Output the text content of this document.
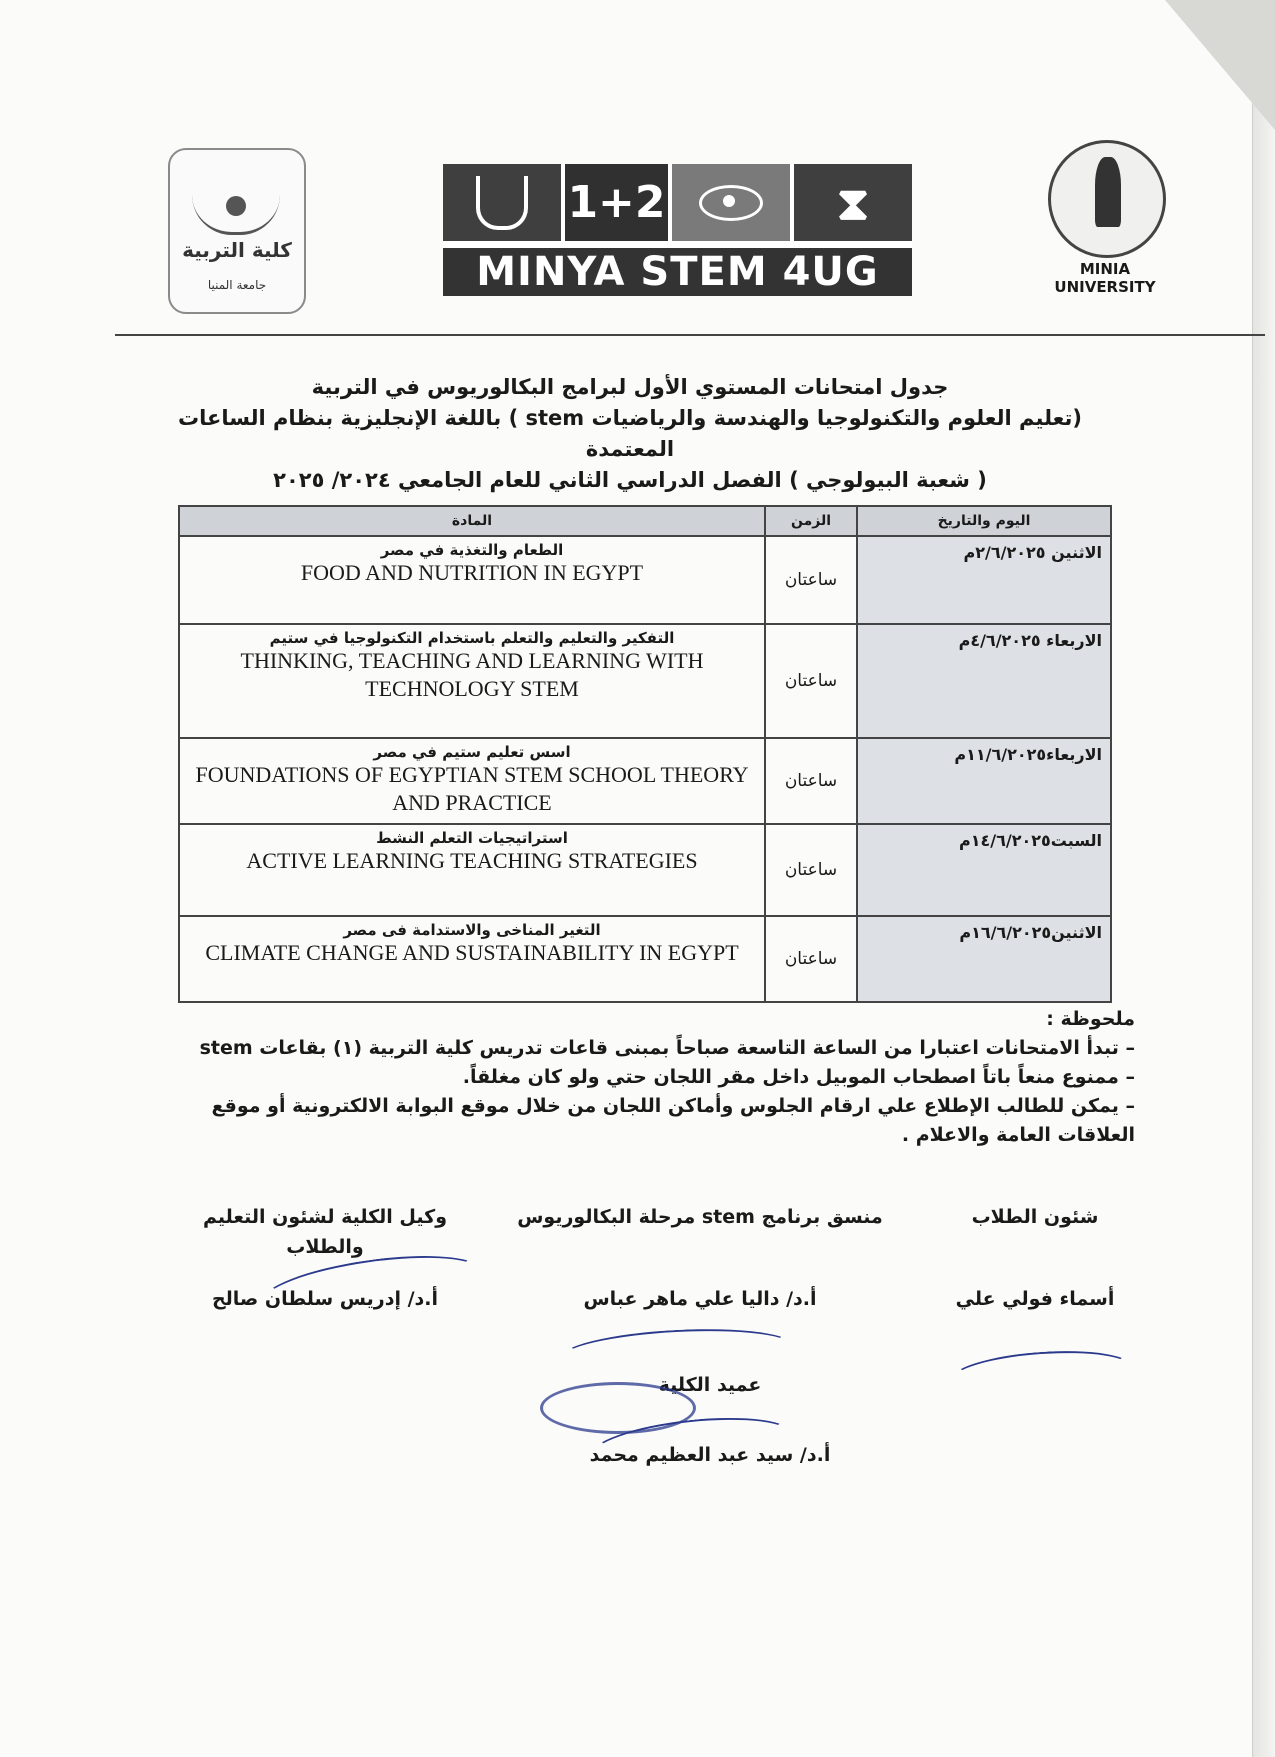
كلية التربية
جامعة المنيا
1+2	⧗
MINYA STEM 4UG	MINIA UNIVERSITY
جدول امتحانات المستوي الأول لبرامج البكالوريوس في التربية
(تعليم العلوم والتكنولوجيا والهندسة والرياضيات stem ) باللغة الإنجليزية بنظام الساعات المعتمدة
( شعبة البيولوجي ) الفصل الدراسي الثاني للعام الجامعي ٢٠٢٤/ ٢٠٢٥
اليوم والتاريخ	الزمن	المادة
الاثنين ٢/٦/٢٠٢٥م	ساعتان	الطعام والتغذية في مصر
FOOD AND NUTRITION IN EGYPT

الاربعاء ٤/٦/٢٠٢٥م	ساعتان	التفكير والتعليم والتعلم باستخدام التكنولوجيا في ستيم
THINKING, TEACHING AND LEARNING WITH TECHNOLOGY STEM

الاربعاء١١/٦/٢٠٢٥م	ساعتان	اسس تعليم ستيم في مصر
FOUNDATIONS OF EGYPTIAN STEM SCHOOL THEORY AND PRACTICE

السبت١٤/٦/٢٠٢٥م	ساعتان	استراتيجيات التعلم النشط
ACTIVE LEARNING TEACHING STRATEGIES

الاثنين١٦/٦/٢٠٢٥م	ساعتان	التغير المناخى والاستدامة فى مصر
CLIMATE CHANGE AND SUSTAINABILITY IN EGYPT

ملحوظة :

– تبدأ الامتحانات اعتبارا من الساعة التاسعة صباحاً بمبنى قاعات تدريس كلية التربية (١) بقاعات stem

– ممنوع منعاً باتاً اصطحاب الموبيل داخل مقر اللجان حتي ولو كان مغلقاً.

– يمكن للطالب الإطلاع علي ارقام الجلوس وأماكن اللجان من خلال موقع البوابة الالكترونية أو موقع العلاقات العامة والاعلام .

شئون الطلاب
أسماء فولي علي
منسق برنامج stem مرحلة البكالوريوس
أ.د/ داليا علي ماهر عباس
وكيل الكلية لشئون التعليم والطلاب
أ.د/ إدريس سلطان صالح
عميد الكلية
أ.د/ سيد عبد العظيم محمد
